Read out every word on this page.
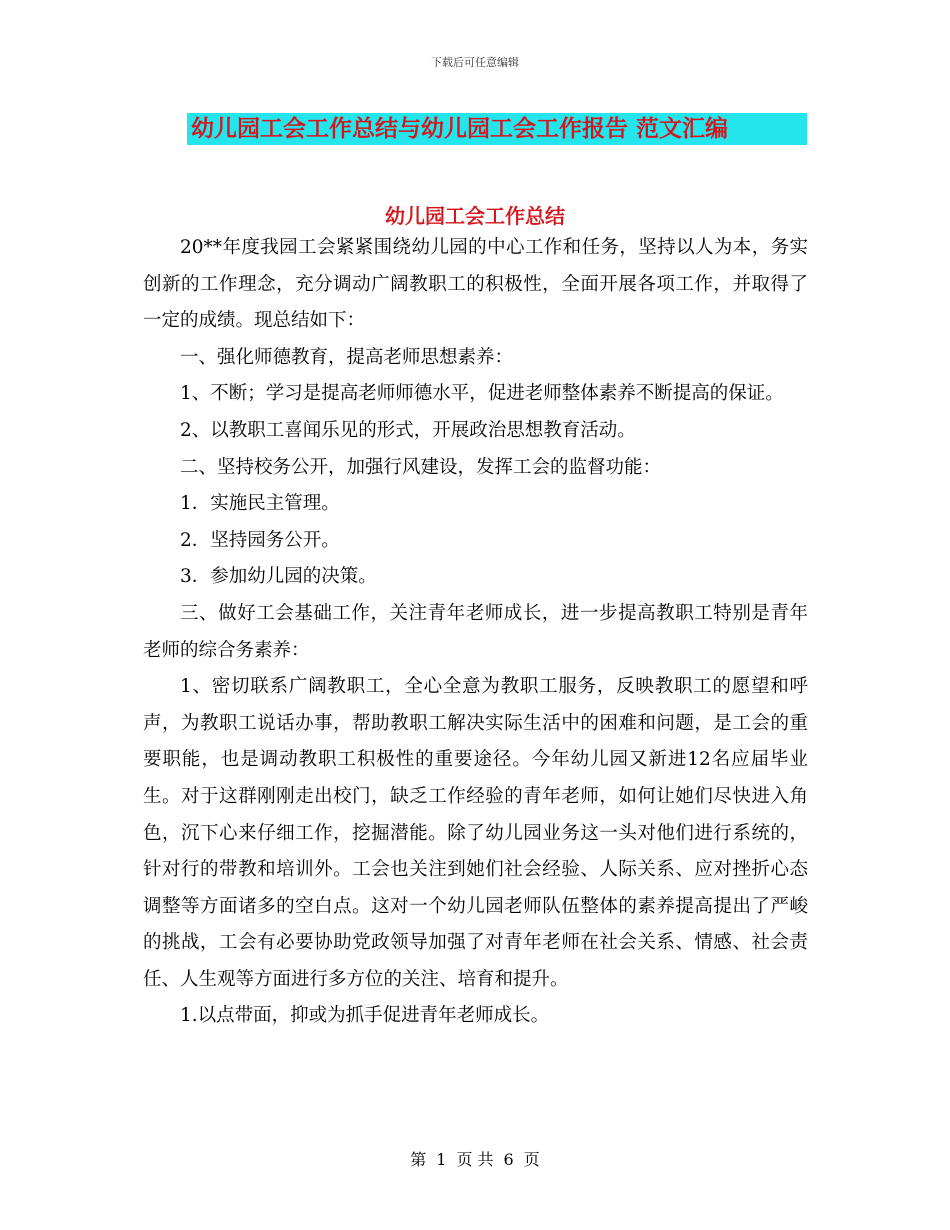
下载后可任意编辑
幼儿园工会工作总结与幼儿园工会工作报告 范文汇编
幼儿园工会工作总结

20**年度我园工会紧紧围绕幼儿园的中心工作和任务，坚持以人为本，务实创新的工作理念，充分调动广阔教职工的积极性，全面开展各项工作，并取得了一定的成绩。现总结如下：

一、强化师德教育，提高老师思想素养：

1、不断；学习是提高老师师德水平，促进老师整体素养不断提高的保证。

2、以教职工喜闻乐见的形式，开展政治思想教育活动。

二、坚持校务公开，加强行风建设，发挥工会的监督功能：

1．实施民主管理。

2．坚持园务公开。

3．参加幼儿园的决策。

三、做好工会基础工作，关注青年老师成长，进一步提高教职工特别是青年老师的综合务素养：

1、密切联系广阔教职工，全心全意为教职工服务，反映教职工的愿望和呼声，为教职工说话办事，帮助教职工解决实际生活中的困难和问题，是工会的重要职能，也是调动教职工积极性的重要途径。今年幼儿园又新进12名应届毕业生。对于这群刚刚走出校门，缺乏工作经验的青年老师，如何让她们尽快进入角色，沉下心来仔细工作，挖掘潜能。除了幼儿园业务这一头对他们进行系统的，针对行的带教和培训外。工会也关注到她们社会经验、人际关系、应对挫折心态调整等方面诸多的空白点。这对一个幼儿园老师队伍整体的素养提高提出了严峻的挑战，工会有必要协助党政领导加强了对青年老师在社会关系、情感、社会责任、人生观等方面进行多方位的关注、培育和提升。

1.以点带面，抑或为抓手促进青年老师成长。

第 1 页 共 6 页
